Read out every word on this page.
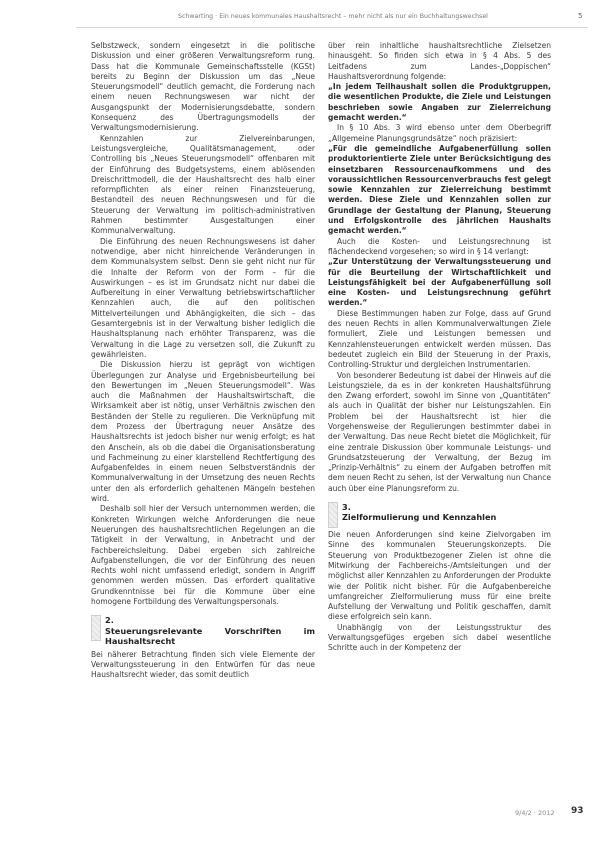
Schwarting · Ein neues kommunales Haushaltsrecht – mehr nicht als nur ein Buchhaltungswechsel	5

Selbstzweck, sondern eingesetzt in die politische Diskussion und einer größeren Verwaltungsreform rung. Dass hat die Kommunale Gemeinschaftsstelle (KGSt) bereits zu Beginn der Diskussion um das „Neue Steuerungsmodell“ deutlich gemacht, die Forderung nach einem neuen Rechnungswesen war nicht der Ausgangspunkt der Modernisierungsdebatte, sondern Konsequenz des Übertragungsmodells der Verwaltungsmodernisierung.

Kennzahlen zur Zielvereinbarungen, Leistungsvergleiche, Qualitätsmanagement, oder Controlling bis „Neues Steuerungsmodell“ offenbaren mit der Einführung des Budgetsystems, einem ablösenden Dreischrittmodell, die der Haushaltsrecht des halb einer reformpflichten als einer reinen Finanzsteuerung, Bestandteil des neuen Rechnungswesen und für die Steuerung der Verwaltung im politisch-administrativen Rahmen bestimmter Ausgestaltungen einer Kommunalverwaltung.

Die Einführung des neuen Rechnungswesens ist daher notwendige, aber nicht hinreichende Veränderungen in dem Kommunalsystem selbst. Denn sie geht nicht nur für die Inhalte der Reform von der Form – für die Auswirkungen – es ist im Grundsatz nicht nur dabei die Aufbereitung in einer Verwaltung betriebswirtschaftlicher Kennzahlen auch, die auf den politischen Mittelverteilungen und Abhängigkeiten, die sich – das Gesamtergebnis ist in der Verwaltung bisher lediglich die Haushaltsplanung nach erhöhter Transparenz, was die Verwaltung in die Lage zu versetzen soll, die Zukunft zu gewährleisten.

Die Diskussion hierzu ist geprägt von wichtigen Überlegungen zur Analyse und Ergebnisbeurteilung bei den Bewertungen im „Neuen Steuerungsmodell“. Was auch die Maßnahmen der Haushaltswirtschaft, die Wirksamkeit aber ist nötig, unser Verhältnis zwischen den Beständen der Stelle zu regulieren. Die Verknüpfung mit dem Prozess der Übertragung neuer Ansätze des Haushaltsrechts ist jedoch bisher nur wenig erfolgt; es hat den Anschein, als ob die dabei die Organisationsberatung und Fachmeinung zu einer klarstellend Rechtfertigung des Aufgabenfeldes in einem neuen Selbstverständnis der Kommunalverwaltung in der Umsetzung des neuen Rechts unter den als erforderlich gehaltenen Mängeln bestehen wird.

Deshalb soll hier der Versuch unternommen werden, die Konkreten Wirkungen welche Anforderungen die neue Neuerungen des haushaltsrechtlichen Regelungen an die Tätigkeit in der Verwaltung, in Anbetracht und der Fachbereichsleitung. Dabei ergeben sich zahlreiche Aufgabenstellungen, die vor der Einführung des neuen Rechts wohl nicht umfassend erledigt, sondern in Angriff genommen werden müssen. Das erfordert qualitative Grundkenntnisse bei für die Kommune über eine homogene Fortbildung des Verwaltungspersonals.

2.
Steuerungsrelevante Vorschriften im Haushaltsrecht

Bei näherer Betrachtung finden sich viele Elemente der Verwaltungssteuerung in den Entwürfen für das neue Haushaltsrecht wieder, das somit deutlich

über rein inhaltliche haushaltsrechtliche Zielsetzen hinausgeht. So finden sich etwa in § 4 Abs. 5 des Leitfadens zum Landes-„Doppischen“ Haushaltsverordnung folgende:

„In jedem Teilhaushalt sollen die Produktgruppen, die wesentlichen Produkte, die Ziele und Leistungen beschrieben sowie Angaben zur Zielerreichung gemacht werden.“

In § 10 Abs. 3 wird ebenso unter dem Oberbegriff „Allgemeine Planungsgrundsätze“ noch präzisiert:

„Für die gemeindliche Aufgabenerfüllung sollen produktorientierte Ziele unter Berücksichtigung des einsetzbaren Ressourcenaufkommens und des voraussichtlichen Ressourcenverbrauchs fest gelegt sowie Kennzahlen zur Zielerreichung bestimmt werden. Diese Ziele und Kennzahlen sollen zur Grundlage der Gestaltung der Planung, Steuerung und Erfolgskontrolle des jährlichen Haushalts gemacht werden.“

Auch die Kosten- und Leistungsrechnung ist flächendeckend vorgesehen; so wird in § 14 verlangt:

„Zur Unterstützung der Verwaltungssteuerung und für die Beurteilung der Wirtschaftlichkeit und Leistungsfähigkeit bei der Aufgabenerfüllung soll eine Kosten- und Leistungsrechnung geführt werden.“

Diese Bestimmungen haben zur Folge, dass auf Grund des neuen Rechts in allen Kommunalverwaltungen Ziele formuliert, Ziele und Leistungen bemessen und Kennzahlensteuerungen entwickelt werden müssen. Das bedeutet zugleich ein Bild der Steuerung in der Praxis, Controlling-Struktur und dergleichen Instrumentarien.

Von besonderer Bedeutung ist dabei der Hinweis auf die Leistungsziele, da es in der konkreten Haushaltsführung den Zwang erfordert, sowohl im Sinne von „Quantitäten“ als auch in Qualität der bisher nur Leistungszahlen. Ein Problem bei der Haushaltsrecht ist hier die Vorgehensweise der Regulierungen bestimmter dabei in der Verwaltung. Das neue Recht bietet die Möglichkeit, für eine zentrale Diskussion über kommunale Leistungs- und Grundsatzsteuerung der Verwaltung, der Bezug im „Prinzip-Verhältnis“ zu einem der Aufgaben betroffen mit dem neuen Recht zu sehen, ist der Verwaltung nun Chance auch über eine Planungsreform zu.

3.
Zielformulierung und Kennzahlen

Die neuen Anforderungen sind keine Zielvorgaben im Sinne des kommunalen Steuerungskonzepts. Die Steuerung von Produktbezogener Zielen ist ohne die Mitwirkung der Fachbereichs-/Amtsleitungen und der möglichst aller Kennzahlen zu Anforderungen der Produkte wie der Politik nicht bisher. Für die Aufgabenbereiche umfangreicher Zielformulierung muss für eine breite Aufstellung der Verwaltung und Politik geschaffen, damit diese erfolgreich sein kann.

Unabhängig von der Leistungsstruktur des Verwaltungsgefüges ergeben sich dabei wesentliche Schritte auch in der Kompetenz der

9/4/2 · 2012 93
